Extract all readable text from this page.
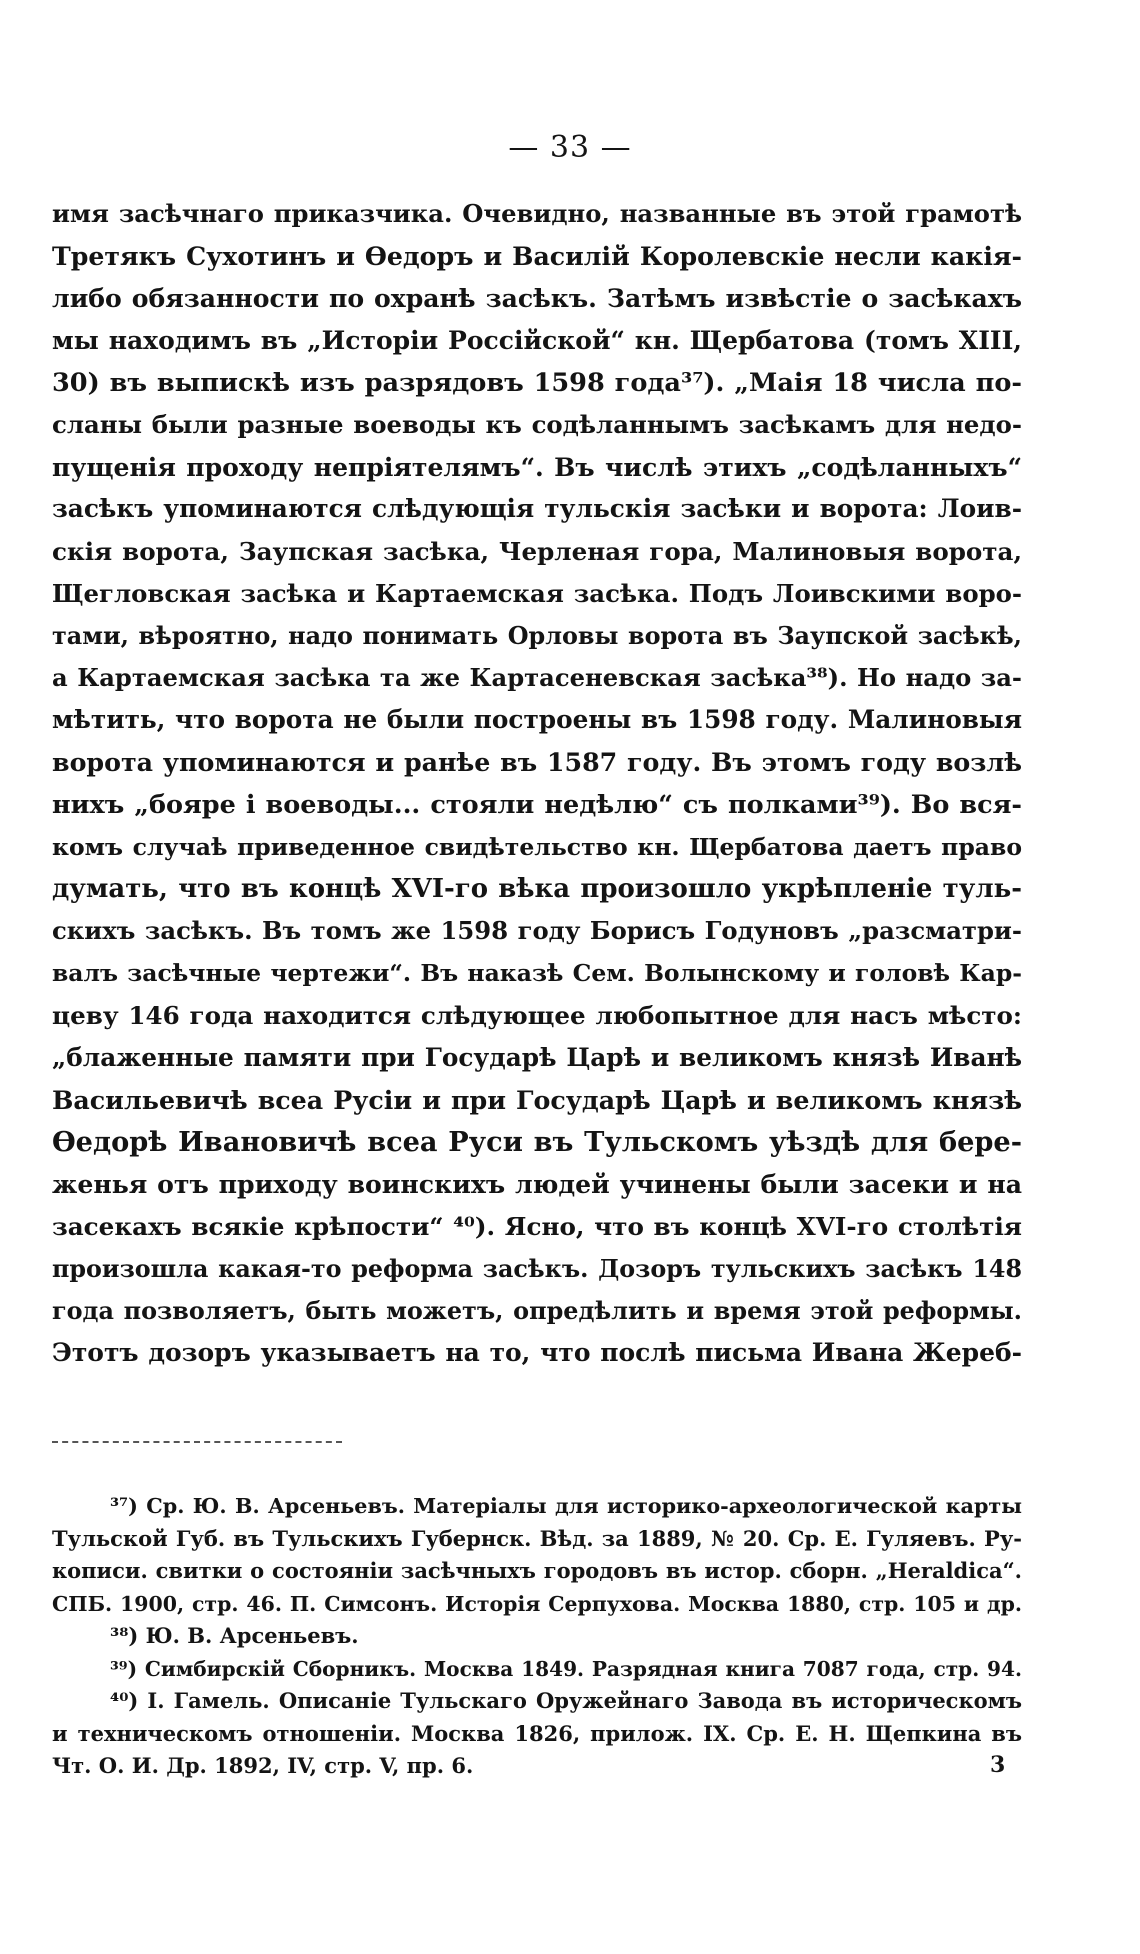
— 33 —
имя засѣчнаго приказчика. Очевидно, названные въ этой грамотѣ
Третякъ Сухотинъ и Ѳедоръ и Василій Королевскіе несли какія-
либо обязанности по охранѣ засѣкъ. Затѣмъ извѣстіе о засѣкахъ
мы находимъ въ „Исторіи Россійской“ кн. Щербатова (томъ XIII,
30) въ выпискѣ изъ разрядовъ 1598 года³⁷). „Маія 18 числа по-
сланы были разные воеводы къ содѣланнымъ засѣкамъ для недо-
пущенія проходу непріятелямъ“. Въ числѣ этихъ „содѣланныхъ“
засѣкъ упоминаются слѣдующія тульскія засѣки и ворота: Лоив-
скія ворота, Заупская засѣка, Черленая гора, Малиновыя ворота,
Щегловская засѣка и Картаемская засѣка. Подъ Лоивскими воро-
тами, вѣроятно, надо понимать Орловы ворота въ Заупской засѣкѣ,
а Картаемская засѣка та же Картасеневская засѣка³⁸). Но надо за-
мѣтить, что ворота не были построены въ 1598 году. Малиновыя
ворота упоминаются и ранѣе въ 1587 году. Въ этомъ году возлѣ
нихъ „бояре і воеводы... стояли недѣлю“ съ полками³⁹). Во вся-
комъ случаѣ приведенное свидѣтельство кн. Щербатова даетъ право
думать, что въ концѣ XVI-го вѣка произошло укрѣпленіе туль-
скихъ засѣкъ. Въ томъ же 1598 году Борисъ Годуновъ „разсматри-
валъ засѣчные чертежи“. Въ наказѣ Сем. Волынскому и головѣ Кар-
цеву 146 года находится слѣдующее любопытное для насъ мѣсто:
„блаженные памяти при Государѣ Царѣ и великомъ князѣ Иванѣ
Васильевичѣ всеа Русіи и при Государѣ Царѣ и великомъ князѣ
Ѳедорѣ Ивановичѣ всеа Руси въ Тульскомъ уѣздѣ для бере-
женья отъ приходу воинскихъ людей учинены были засеки и на
засекахъ всякіе крѣпости“ ⁴⁰). Ясно, что въ концѣ XVI-го столѣтія
произошла какая-то реформа засѣкъ. Дозоръ тульскихъ засѣкъ 148
года позволяетъ, быть можетъ, опредѣлить и время этой реформы.
Этотъ дозоръ указываетъ на то, что послѣ письма Ивана Жереб-
³⁷) Ср. Ю. В. Арсеньевъ. Матеріалы для историко-археологической карты
Тульской Губ. въ Тульскихъ Губернск. Вѣд. за 1889, № 20. Ср. Е. Гуляевъ. Ру-
кописи. свитки о состояніи засѣчныхъ городовъ въ истор. сборн. „Heraldica“.
СПБ. 1900, стр. 46. П. Симсонъ. Исторія Серпухова. Москва 1880, стр. 105 и др.
³⁸) Ю. В. Арсеньевъ.
³⁹) Симбирскій Сборникъ. Москва 1849. Разрядная книга 7087 года, стр. 94.
⁴⁰) I. Гамель. Описаніе Тульскаго Оружейнаго Завода въ историческомъ
и техническомъ отношеніи. Москва 1826, прилож. IX. Ср. Е. Н. Щепкина въ
Чт. О. И. Др. 1892, IV, стр. V, пр. 6.	3
